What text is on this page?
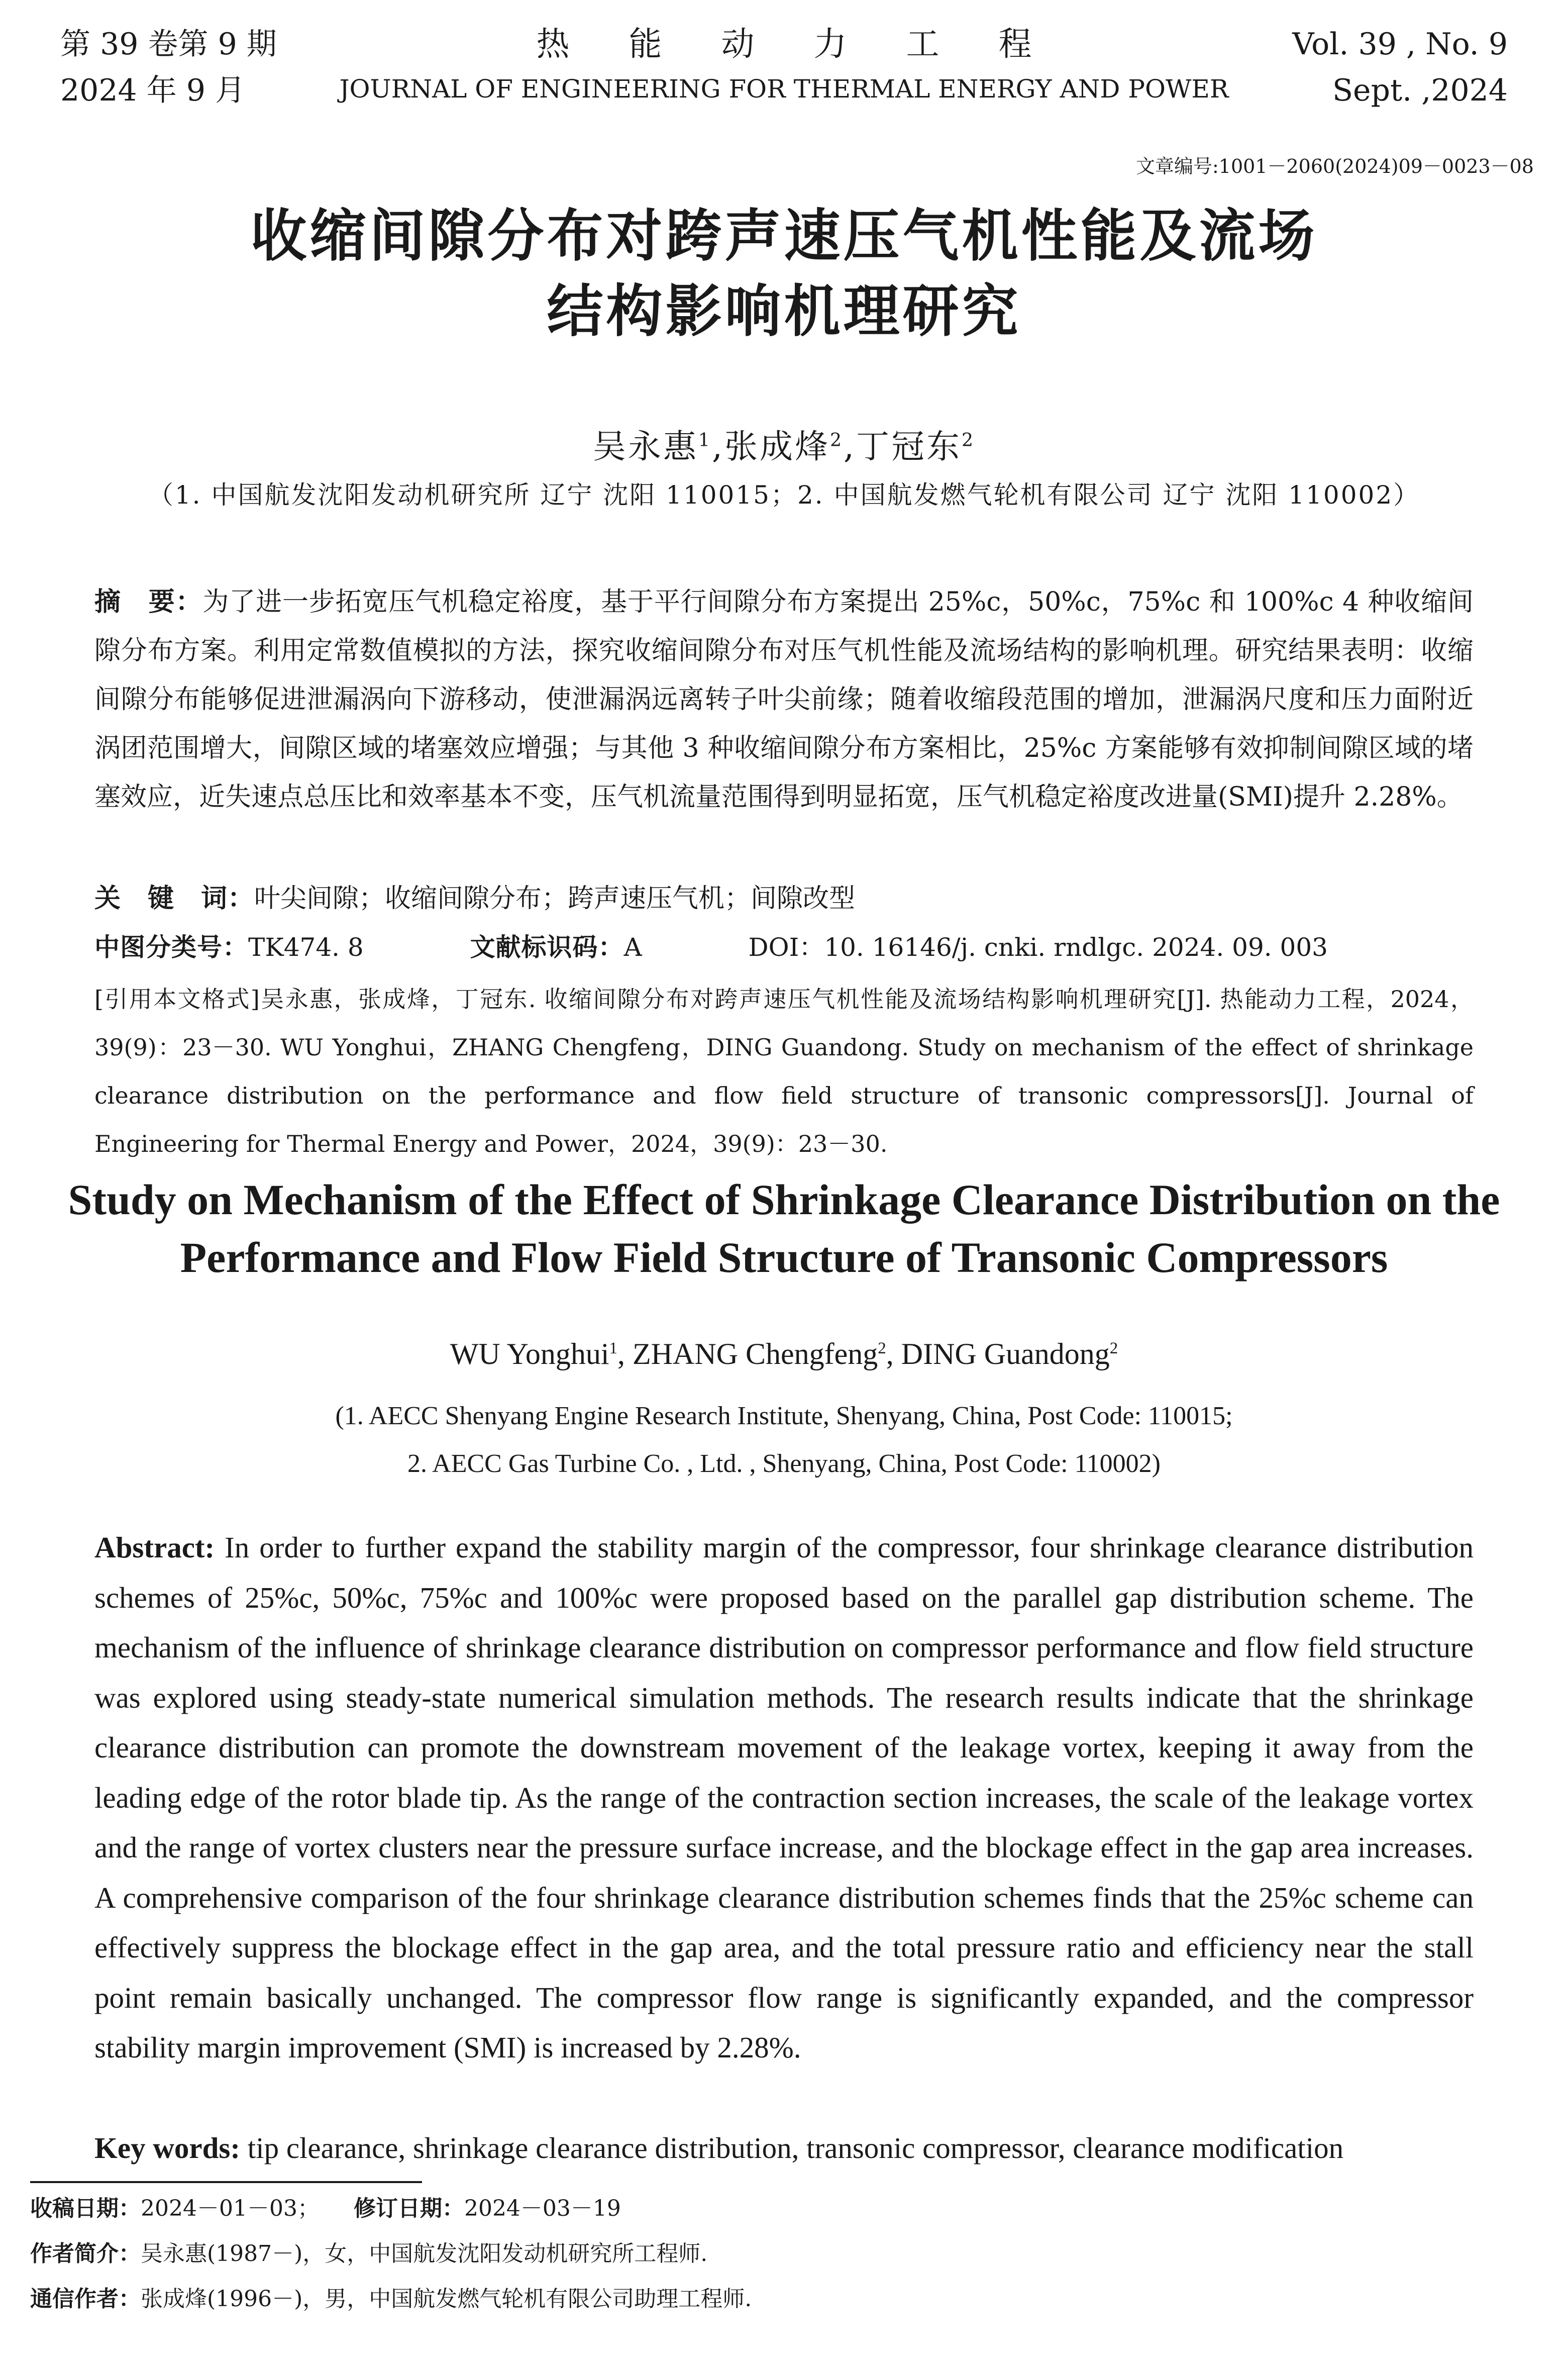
第 39 卷第 9 期
2024 年 9 月
热能动力工程
JOURNAL OF ENGINEERING FOR THERMAL ENERGY AND POWER
Vol. 39 , No. 9
Sept. ,2024
文章编号:1001－2060(2024)09－0023－08
收缩间隙分布对跨声速压气机性能及流场
结构影响机理研究
吴永惠$^1$,张成烽$^2$,丁冠东$^2$
（1. 中国航发沈阳发动机研究所 辽宁 沈阳 110015；2. 中国航发燃气轮机有限公司 辽宁 沈阳 110002）
摘　要：为了进一步拓宽压气机稳定裕度，基于平行间隙分布方案提出 25%c，50%c，75%c 和 100%c 4 种收缩间隙分布方案。利用定常数值模拟的方法，探究收缩间隙分布对压气机性能及流场结构的影响机理。研究结果表明：收缩间隙分布能够促进泄漏涡向下游移动，使泄漏涡远离转子叶尖前缘；随着收缩段范围的增加，泄漏涡尺度和压力面附近涡团范围增大，间隙区域的堵塞效应增强；与其他 3 种收缩间隙分布方案相比，25%c 方案能够有效抑制间隙区域的堵塞效应，近失速点总压比和效率基本不变，压气机流量范围得到明显拓宽，压气机稳定裕度改进量(SMI)提升 2.28%。
关　键　词：叶尖间隙；收缩间隙分布；跨声速压气机；间隙改型
中图分类号：TK474. 8	文献标识码：A	DOI：10. 16146/j. cnki. rndlgc. 2024. 09. 003
[引用本文格式]吴永惠，张成烽，丁冠东. 收缩间隙分布对跨声速压气机性能及流场结构影响机理研究[J]. 热能动力工程，2024，39(9)：23－30. WU Yonghui，ZHANG Chengfeng，DING Guandong. Study on mechanism of the effect of shrinkage clearance distribution on the performance and flow field structure of transonic compressors[J]. Journal of Engineering for Thermal Energy and Power，2024，39(9)：23－30.
Study on Mechanism of the Effect of Shrinkage Clearance Distribution on the
Performance and Flow Field Structure of Transonic Compressors
WU Yonghui$^1$, ZHANG Chengfeng$^2$, DING Guandong$^2$
(1. AECC Shenyang Engine Research Institute, Shenyang, China, Post Code: 110015;
2. AECC Gas Turbine Co. , Ltd. , Shenyang, China, Post Code: 110002)
Abstract: In order to further expand the stability margin of the compressor, four shrinkage clearance distribution schemes of 25%c, 50%c, 75%c and 100%c were proposed based on the parallel gap distribution scheme. The mechanism of the influence of shrinkage clearance distribution on compressor performance and flow field structure was explored using steady-state numerical simulation methods. The research results indicate that the shrinkage clearance distribution can promote the downstream movement of the leakage vortex, keeping it away from the leading edge of the rotor blade tip. As the range of the contraction section increases, the scale of the leakage vortex and the range of vortex clusters near the pressure surface increase, and the blockage effect in the gap area increases. A comprehensive comparison of the four shrinkage clearance distribution schemes finds that the 25%c scheme can effectively suppress the blockage effect in the gap area, and the total pressure ratio and efficiency near the stall point remain basically unchanged. The compressor flow range is significantly expanded, and the compressor stability margin improvement (SMI) is increased by 2.28%.
Key words: tip clearance, shrinkage clearance distribution, transonic compressor, clearance modification
收稿日期：2024－01－03； 修订日期：2024－03－19
作者简介：吴永惠(1987－)，女，中国航发沈阳发动机研究所工程师.
通信作者：张成烽(1996－)，男，中国航发燃气轮机有限公司助理工程师.
